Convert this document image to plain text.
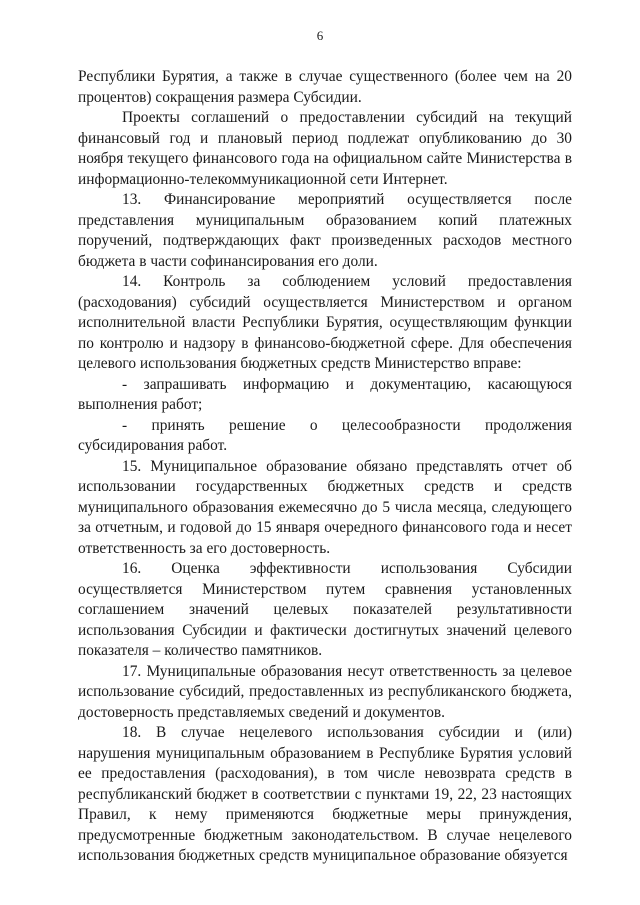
6

Республики Бурятия, а также в случае существенного (более чем на 20 процентов) сокращения размера Субсидии.

Проекты соглашений о предоставлении субсидий на текущий финансовый год и плановый период подлежат опубликованию до 30 ноября текущего финансового года на официальном сайте Министерства в информационно-телекоммуникационной сети Интернет.

13. Финансирование мероприятий осуществляется после представления муниципальным образованием копий платежных поручений, подтверждающих факт произведенных расходов местного бюджета в части софинансирования его доли.

14. Контроль за соблюдением условий предоставления (расходования) субсидий осуществляется Министерством и органом исполнительной власти Республики Бурятия, осуществляющим функции по контролю и надзору в финансово-бюджетной сфере. Для обеспечения целевого использования бюджетных средств Министерство вправе:

- запрашивать информацию и документацию, касающуюся выполнения работ;

- принять решение о целесообразности продолжения субсидирования работ.

15. Муниципальное образование обязано представлять отчет об использовании государственных бюджетных средств и средств муниципального образования ежемесячно до 5 числа месяца, следующего за отчетным, и годовой до 15 января очередного финансового года и несет ответственность за его достоверность.

16. Оценка эффективности использования Субсидии осуществляется Министерством путем сравнения установленных соглашением значений целевых показателей результативности использования Субсидии и фактически достигнутых значений целевого показателя – количество памятников.

17. Муниципальные образования несут ответственность за целевое использование субсидий, предоставленных из республиканского бюджета, достоверность представляемых сведений и документов.

18. В случае нецелевого использования субсидии и (или) нарушения муниципальным образованием в Республике Бурятия условий ее предоставления (расходования), в том числе невозврата средств в республиканский бюджет в соответствии с пунктами 19, 22, 23 настоящих Правил, к нему применяются бюджетные меры принуждения, предусмотренные бюджетным законодательством. В случае нецелевого использования бюджетных средств муниципальное образование обязуется
